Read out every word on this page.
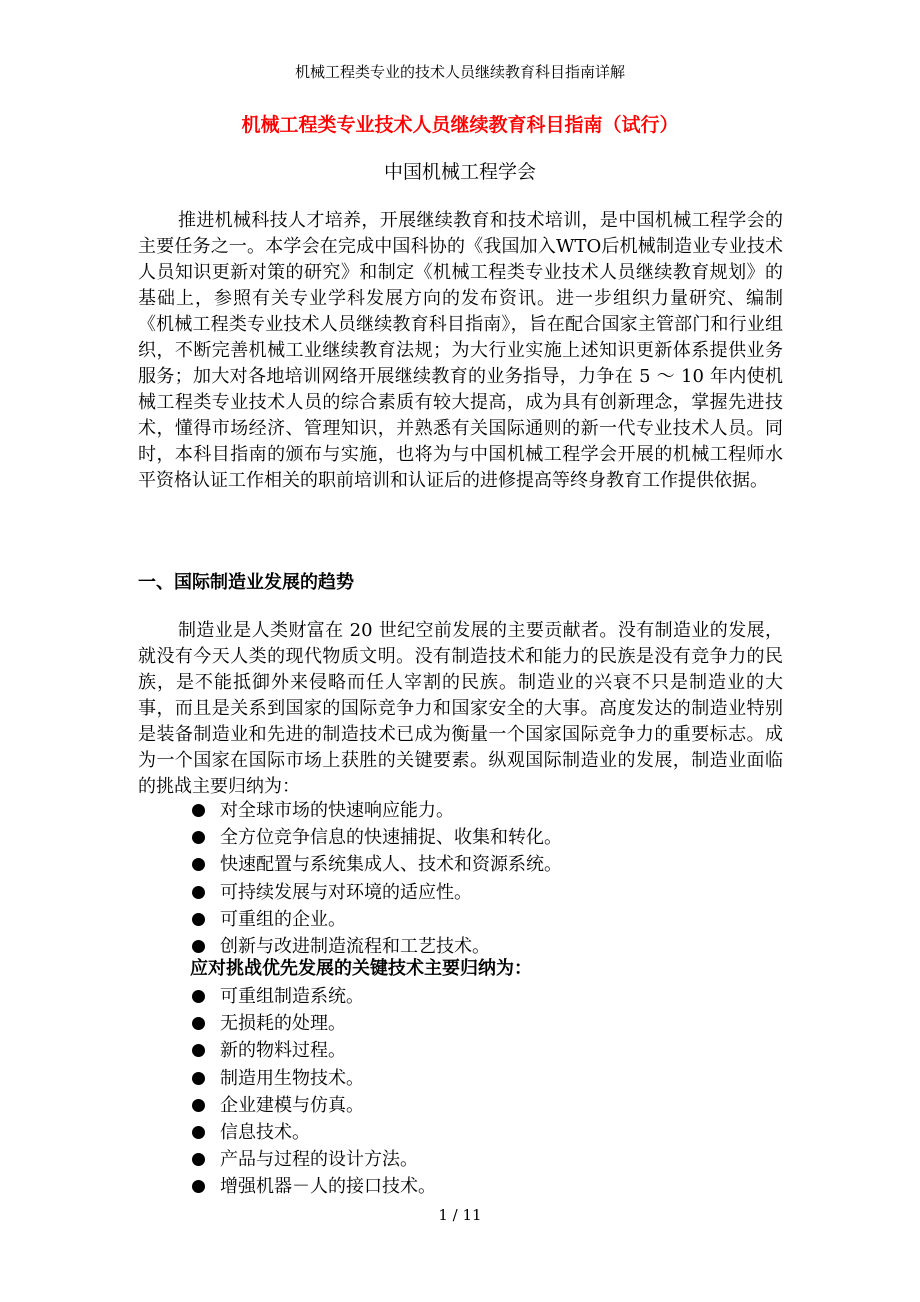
机械工程类专业的技术人员继续教育科目指南详解
机械工程类专业技术人员继续教育科目指南（试行）
中国机械工程学会

推进机械科技人才培养，开展继续教育和技术培训，是中国机械工程学会的主要任务之一。本学会在完成中国科协的《我国加入WTO后机械制造业专业技术人员知识更新对策的研究》和制定《机械工程类专业技术人员继续教育规划》的基础上，参照有关专业学科发展方向的发布资讯。进一步组织力量研究、编制《机械工程类专业技术人员继续教育科目指南》，旨在配合国家主管部门和行业组织，不断完善机械工业继续教育法规；为大行业实施上述知识更新体系提供业务服务；加大对各地培训网络开展继续教育的业务指导，力争在 5 ～ 10 年内使机械工程类专业技术人员的综合素质有较大提高，成为具有创新理念，掌握先进技术，懂得市场经济、管理知识，并熟悉有关国际通则的新一代专业技术人员。同时，本科目指南的颁布与实施，也将为与中国机械工程学会开展的机械工程师水平资格认证工作相关的职前培训和认证后的进修提高等终身教育工作提供依据。

一、国际制造业发展的趋势

制造业是人类财富在 20 世纪空前发展的主要贡献者。没有制造业的发展，就没有今天人类的现代物质文明。没有制造技术和能力的民族是没有竞争力的民族，是不能抵御外来侵略而任人宰割的民族。制造业的兴衰不只是制造业的大事，而且是关系到国家的国际竞争力和国家安全的大事。高度发达的制造业特别是装备制造业和先进的制造技术已成为衡量一个国家国际竞争力的重要标志。成为一个国家在国际市场上获胜的关键要素。纵观国际制造业的发展，制造业面临的挑战主要归纳为：

对全球市场的快速响应能力。
全方位竞争信息的快速捕捉、收集和转化。
快速配置与系统集成人、技术和资源系统。
可持续发展与对环境的适应性。
可重组的企业。
创新与改进制造流程和工艺技术。
应对挑战优先发展的关键技术主要归纳为：
可重组制造系统。
无损耗的处理。
新的物料过程。
制造用生物技术。
企业建模与仿真。
信息技术。
产品与过程的设计方法。
增强机器－人的接口技术。
1 / 11
